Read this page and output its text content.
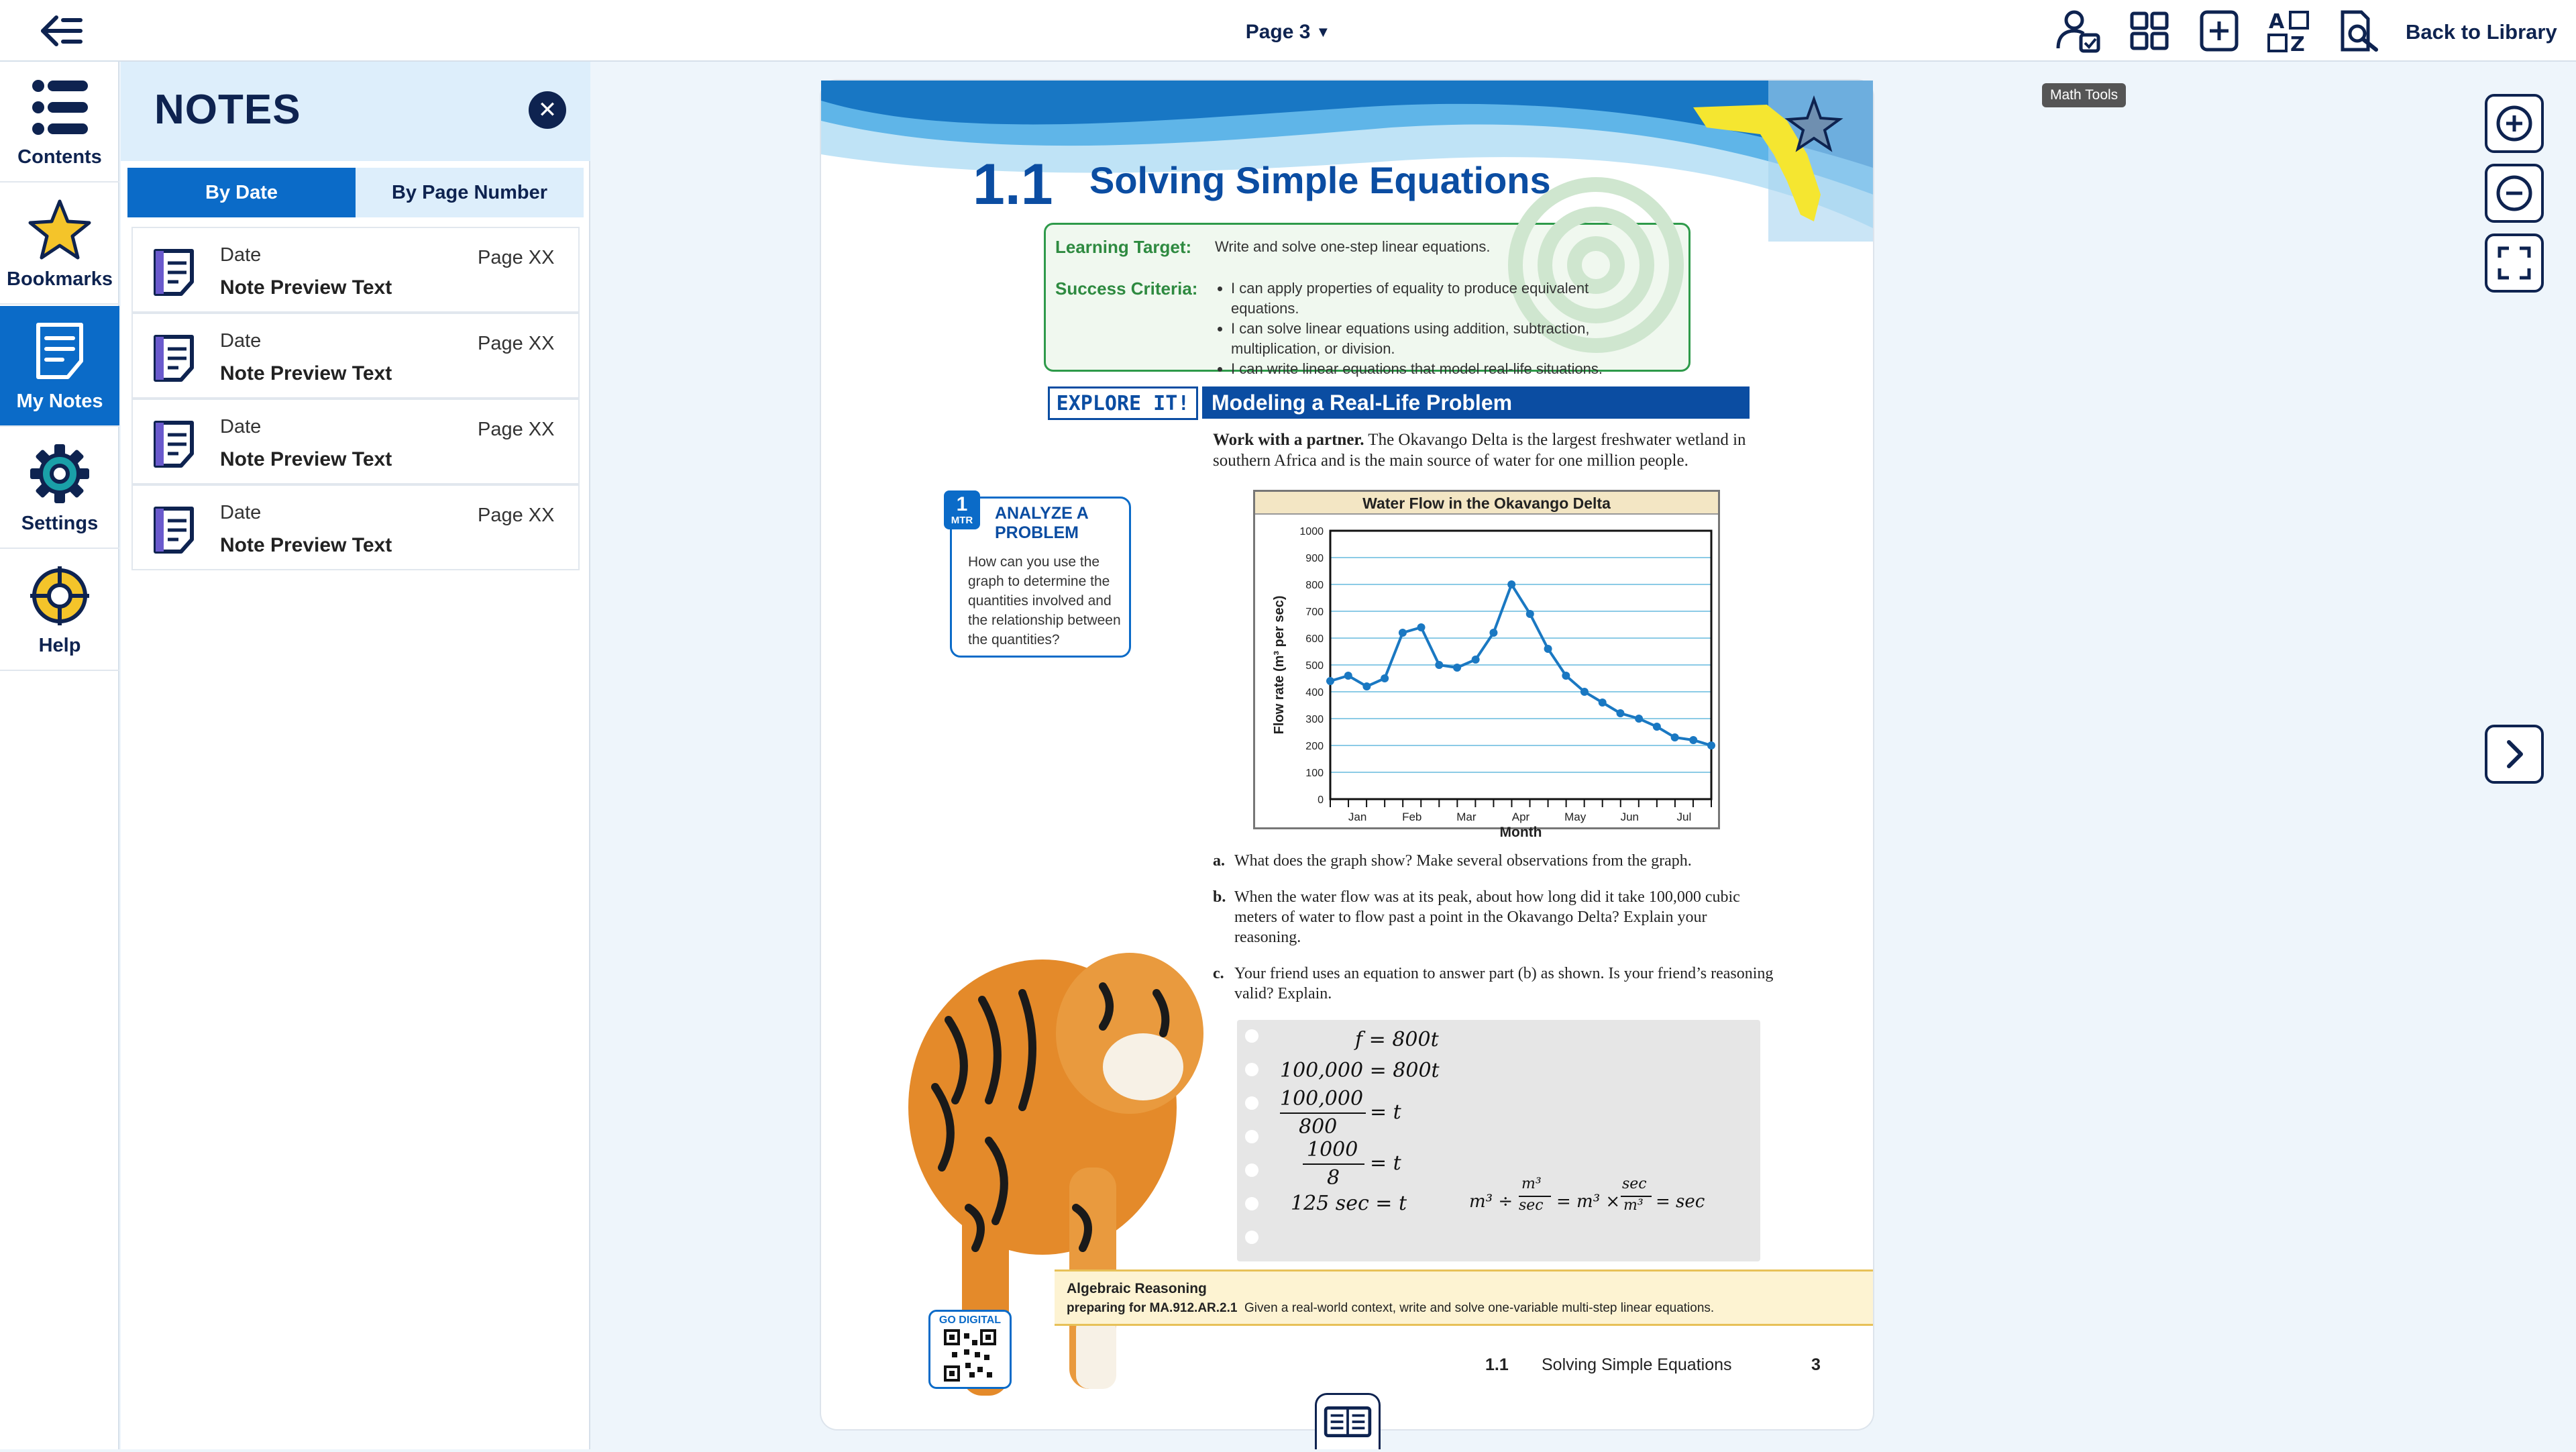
Page 3 ▼	A
Z
Back to Library
Math Tools
Contents
Bookmarks
My Notes
Settings
Help
NOTES	✕
By Date	By Page Number
Date
Note Preview Text
Page XX
Date
Note Preview Text
Page XX
Date
Note Preview Text
Page XX
Date
Note Preview Text
Page XX
1.1 Solving Simple Equations
Learning Target: Write and solve one-step linear equations.
Success Criteria:
• I can apply properties of equality to produce equivalent equations.
• I can solve linear equations using addition, subtraction, multiplication, or division.
• I can write linear equations that model real-life situations.
EXPLORE IT!	Modeling a Real-Life Problem
Work with a partner. The Okavango Delta is the largest freshwater wetland in southern Africa and is the main source of water for one million people.
1
MTR ANALYZE A PROBLEM
How can you use the graph to determine the quantities involved and the relationship between the quantities?
Water Flow in the Okavango Delta
0
100
200
300
400
500
600
700
800
900
1000
Jan	Feb	Mar	Apr	May	Jun	Jul
Month
Flow rate (m³ per sec)
a. What does the graph show? Make several observations from the graph.
b. When the water flow was at its peak, about how long did it take 100,000 cubic meters of water to flow past a point in the Okavango Delta? Explain your reasoning.
c. Your friend uses an equation to answer part (b) as shown. Is your friend’s reasoning valid? Explain.
f = 800t
100,000 = 800t
100,000
800
= t
1000
8
= t
125 sec = t	m³ ÷
m³
sec = m³ ×
sec
m³ = sec
Algebraic Reasoning
preparing for MA.912.AR.2.1 Given a real-world context, write and solve one-variable multi-step linear equations.
GO DIGITAL
1.1 Solving Simple Equations	3
